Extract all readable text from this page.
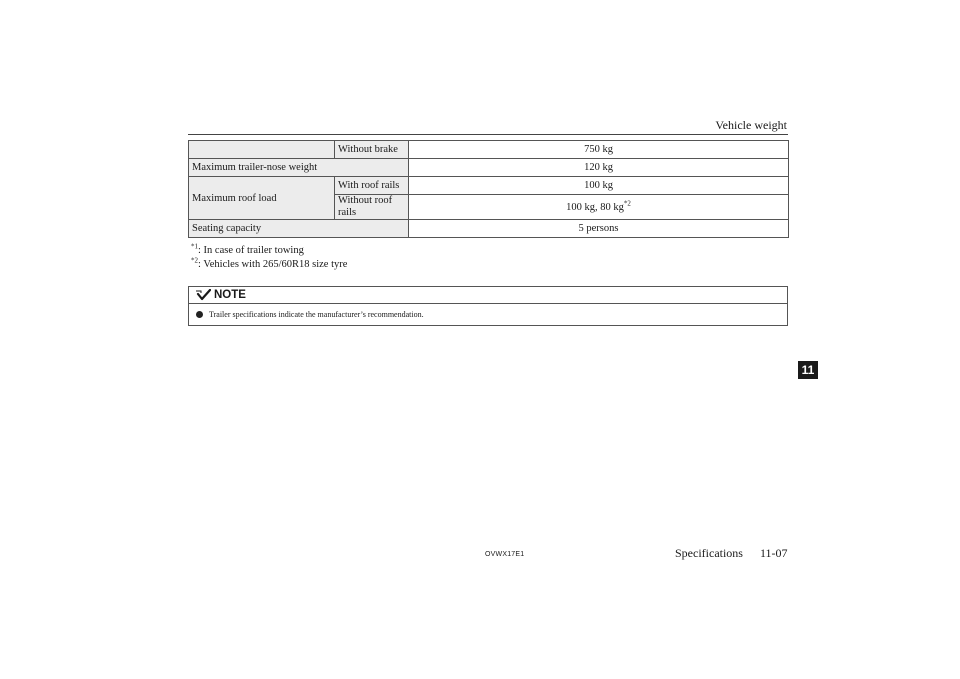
Vehicle weight
	Without brake	750 kg
Maximum trailer-nose weight		120 kg
Maximum roof load	With roof rails	100 kg
	Without roof rails	100 kg, 80 $kg^{*2}$
Seating capacity		5 persons
$^{*1}$: In case of trailer towing
$^{*2}$: Vehicles with 265/60R18 size tyre
NOTE
Trailer specifications indicate the manufacturer’s recommendation.
11
OVWX17E1	Specifications 11-07
